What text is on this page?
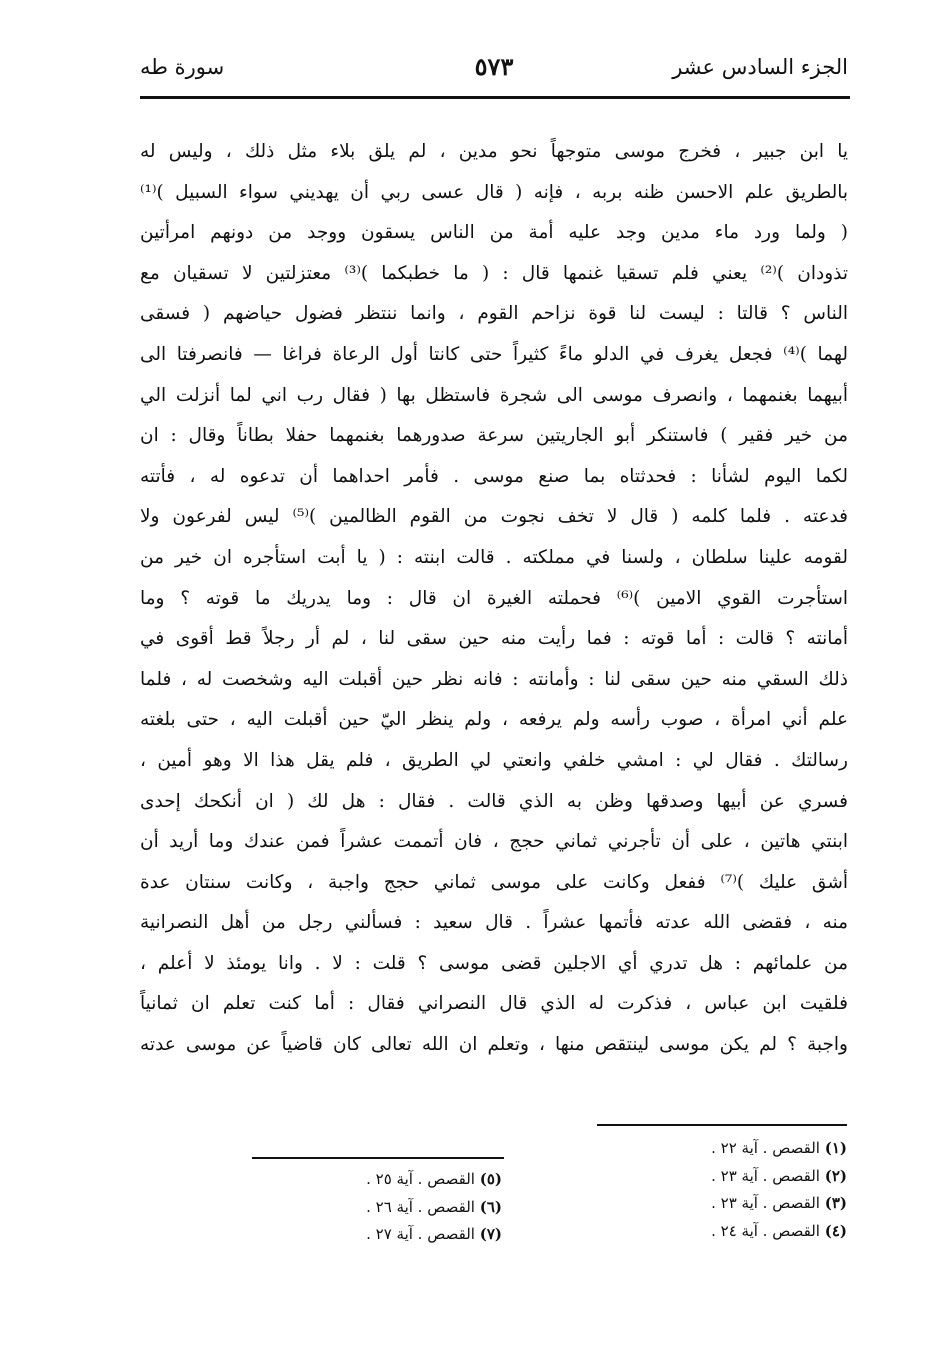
الجزء السادس عشر
٥٧٣
سورة طه
يا ابن جبير ، فخرج موسى متوجهاً نحو مدين ، لم يلق بلاء مثل ذلك ، وليس له
بالطريق علم الاحسن ظنه بربه ، فإنه ( قال عسى ربي أن يهديني سواء السبيل )⁽¹⁾
( ولما ورد ماء مدين وجد عليه أمة من الناس يسقون ووجد من دونهم امرأتين
تذودان )⁽²⁾ يعني فلم تسقيا غنمها قال : ( ما خطبكما )⁽³⁾ معتزلتين لا تسقيان مع
الناس ؟ قالتا : ليست لنا قوة نزاحم القوم ، وانما ننتظر فضول حياضهم ( فسقى
لهما )⁽⁴⁾ فجعل يغرف في الدلو ماءً كثيراً حتى كانتا أول الرعاة فراغا — فانصرفتا الى
أبيهما بغنمهما ، وانصرف موسى الى شجرة فاستظل بها ( فقال رب اني لما أنزلت الي
من خير فقير ) فاستنكر أبو الجاريتين سرعة صدورهما بغنمهما حفلا بطاناً وقال : ان
لكما اليوم لشأنا : فحدثتاه بما صنع موسى . فأمر احداهما أن تدعوه له ، فأتته
فدعته . فلما كلمه ( قال لا تخف نجوت من القوم الظالمين )⁽⁵⁾ ليس لفرعون ولا
لقومه علينا سلطان ، ولسنا في مملكته . قالت ابنته : ( يا أبت استأجره ان خير من
استأجرت القوي الامين )⁽⁶⁾ فحملته الغيرة ان قال : وما يدريك ما قوته ؟ وما
أمانته ؟ قالت : أما قوته : فما رأيت منه حين سقى لنا ، لم أر رجلاً قط أقوى في
ذلك السقي منه حين سقى لنا : وأمانته : فانه نظر حين أقبلت اليه وشخصت له ، فلما
علم أني امرأة ، صوب رأسه ولم يرفعه ، ولم ينظر اليّ حين أقبلت اليه ، حتى بلغته
رسالتك . فقال لي : امشي خلفي وانعتي لي الطريق ، فلم يقل هذا الا وهو أمين ،
فسري عن أبيها وصدقها وظن به الذي قالت . فقال : هل لك ( ان أنكحك إحدى
ابنتي هاتين ، على أن تأجرني ثماني حجج ، فان أتممت عشراً فمن عندك وما أريد أن
أشق عليك )⁽⁷⁾ ففعل وكانت على موسى ثماني حجج واجبة ، وكانت سنتان عدة
منه ، فقضى الله عدته فأتمها عشراً . قال سعيد : فسألني رجل من أهل النصرانية
من علمائهم : هل تدري أي الاجلين قضى موسى ؟ قلت : لا . وانا يومئذ لا أعلم ،
فلقيت ابن عباس ، فذكرت له الذي قال النصراني فقال : أما كنت تعلم ان ثمانياً
واجبة ؟ لم يكن موسى لينتقص منها ، وتعلم ان الله تعالى كان قاضياً عن موسى عدته
(١) القصص . آية ٢٢ .
(٢) القصص . آية ٢٣ .
(٣) القصص . آية ٢٣ .
(٤) القصص . آية ٢٤ .
(٥) القصص . آية ٢٥ .
(٦) القصص . آية ٢٦ .
(٧) القصص . آية ٢٧ .
